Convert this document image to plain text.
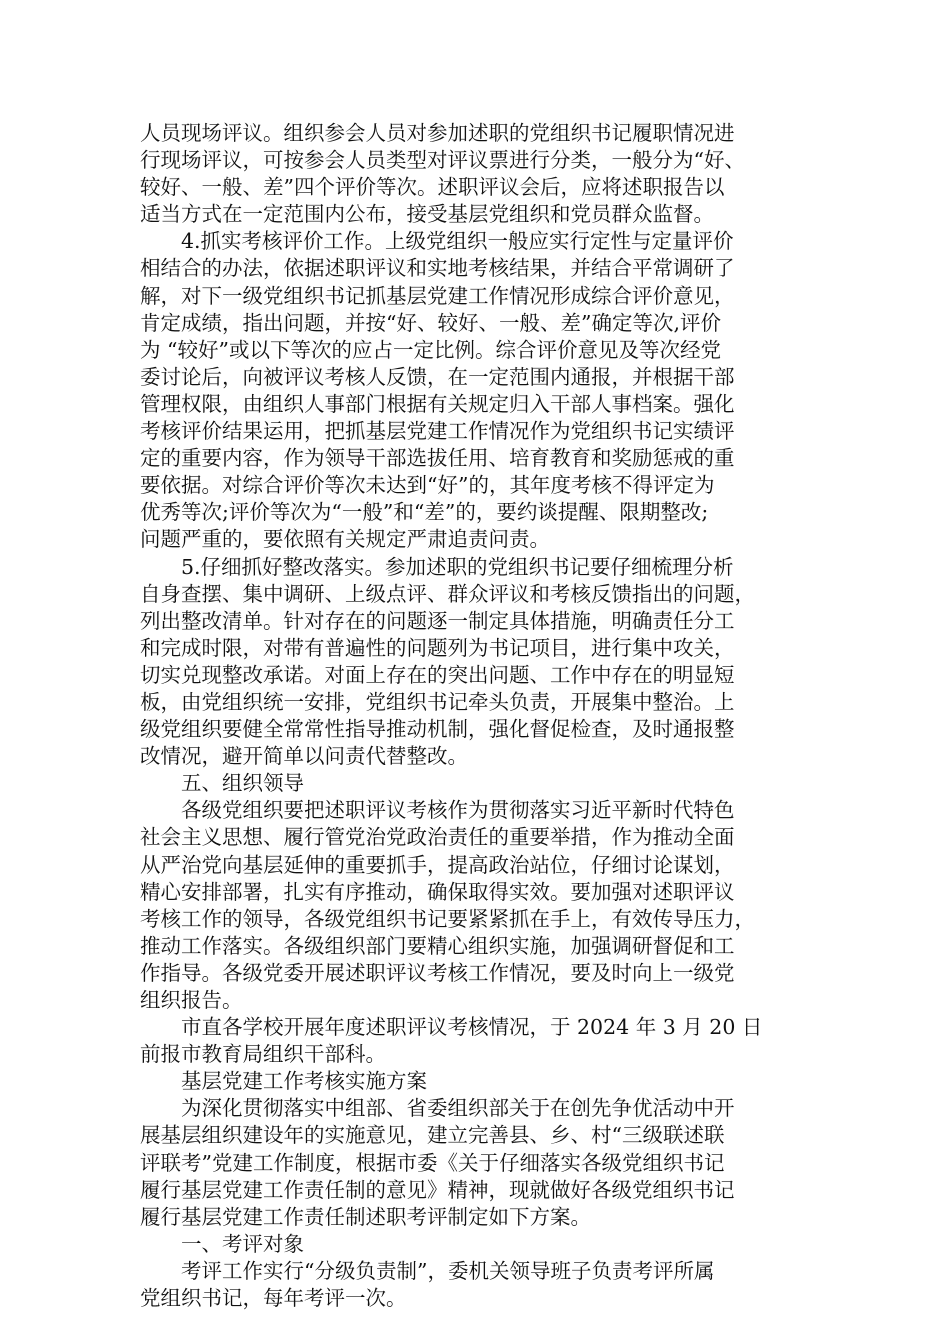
人员现场评议。组织参会人员对参加述职的党组织书记履职情况进
行现场评议，可按参会人员类型对评议票进行分类，一般分为“好、
较好、一般、差”四个评价等次。述职评议会后，应将述职报告以
适当方式在一定范围内公布，接受基层党组织和党员群众监督。
　　4.抓实考核评价工作。上级党组织一般应实行定性与定量评价
相结合的办法，依据述职评议和实地考核结果，并结合平常调研了
解，对下一级党组织书记抓基层党建工作情况形成综合评价意见，
肯定成绩，指出问题，并按“好、较好、一般、差”确定等次,评价
为 “较好”或以下等次的应占一定比例。综合评价意见及等次经党
委讨论后，向被评议考核人反馈，在一定范围内通报，并根据干部
管理权限，由组织人事部门根据有关规定归入干部人事档案。强化
考核评价结果运用，把抓基层党建工作情况作为党组织书记实绩评
定的重要内容，作为领导干部选拔任用、培育教育和奖励惩戒的重
要依据。对综合评价等次未达到“好”的，其年度考核不得评定为
优秀等次;评价等次为“一般”和“差”的，要约谈提醒、限期整改;
问题严重的，要依照有关规定严肃追责问责。
　　5.仔细抓好整改落实。参加述职的党组织书记要仔细梳理分析
自身查摆、集中调研、上级点评、群众评议和考核反馈指出的问题，
列出整改清单。针对存在的问题逐一制定具体措施，明确责任分工
和完成时限，对带有普遍性的问题列为书记项目，进行集中攻关，
切实兑现整改承诺。对面上存在的突出问题、工作中存在的明显短
板，由党组织统一安排，党组织书记牵头负责，开展集中整治。上
级党组织要健全常常性指导推动机制，强化督促检查，及时通报整
改情况，避开简单以问责代替整改。
　　五、组织领导
　　各级党组织要把述职评议考核作为贯彻落实习近平新时代特色
社会主义思想、履行管党治党政治责任的重要举措，作为推动全面
从严治党向基层延伸的重要抓手，提高政治站位，仔细讨论谋划，
精心安排部署，扎实有序推动，确保取得实效。要加强对述职评议
考核工作的领导，各级党组织书记要紧紧抓在手上，有效传导压力，
推动工作落实。各级组织部门要精心组织实施，加强调研督促和工
作指导。各级党委开展述职评议考核工作情况，要及时向上一级党
组织报告。
　　市直各学校开展年度述职评议考核情况，于 2024 年 3 月 20 日
前报市教育局组织干部科。
　　基层党建工作考核实施方案
　　为深化贯彻落实中组部、省委组织部关于在创先争优活动中开
展基层组织建设年的实施意见，建立完善县、乡、村“三级联述联
评联考”党建工作制度，根据市委《关于仔细落实各级党组织书记
履行基层党建工作责任制的意见》精神，现就做好各级党组织书记
履行基层党建工作责任制述职考评制定如下方案。
　　一、考评对象
　　考评工作实行“分级负责制”，委机关领导班子负责考评所属
党组织书记，每年考评一次。
